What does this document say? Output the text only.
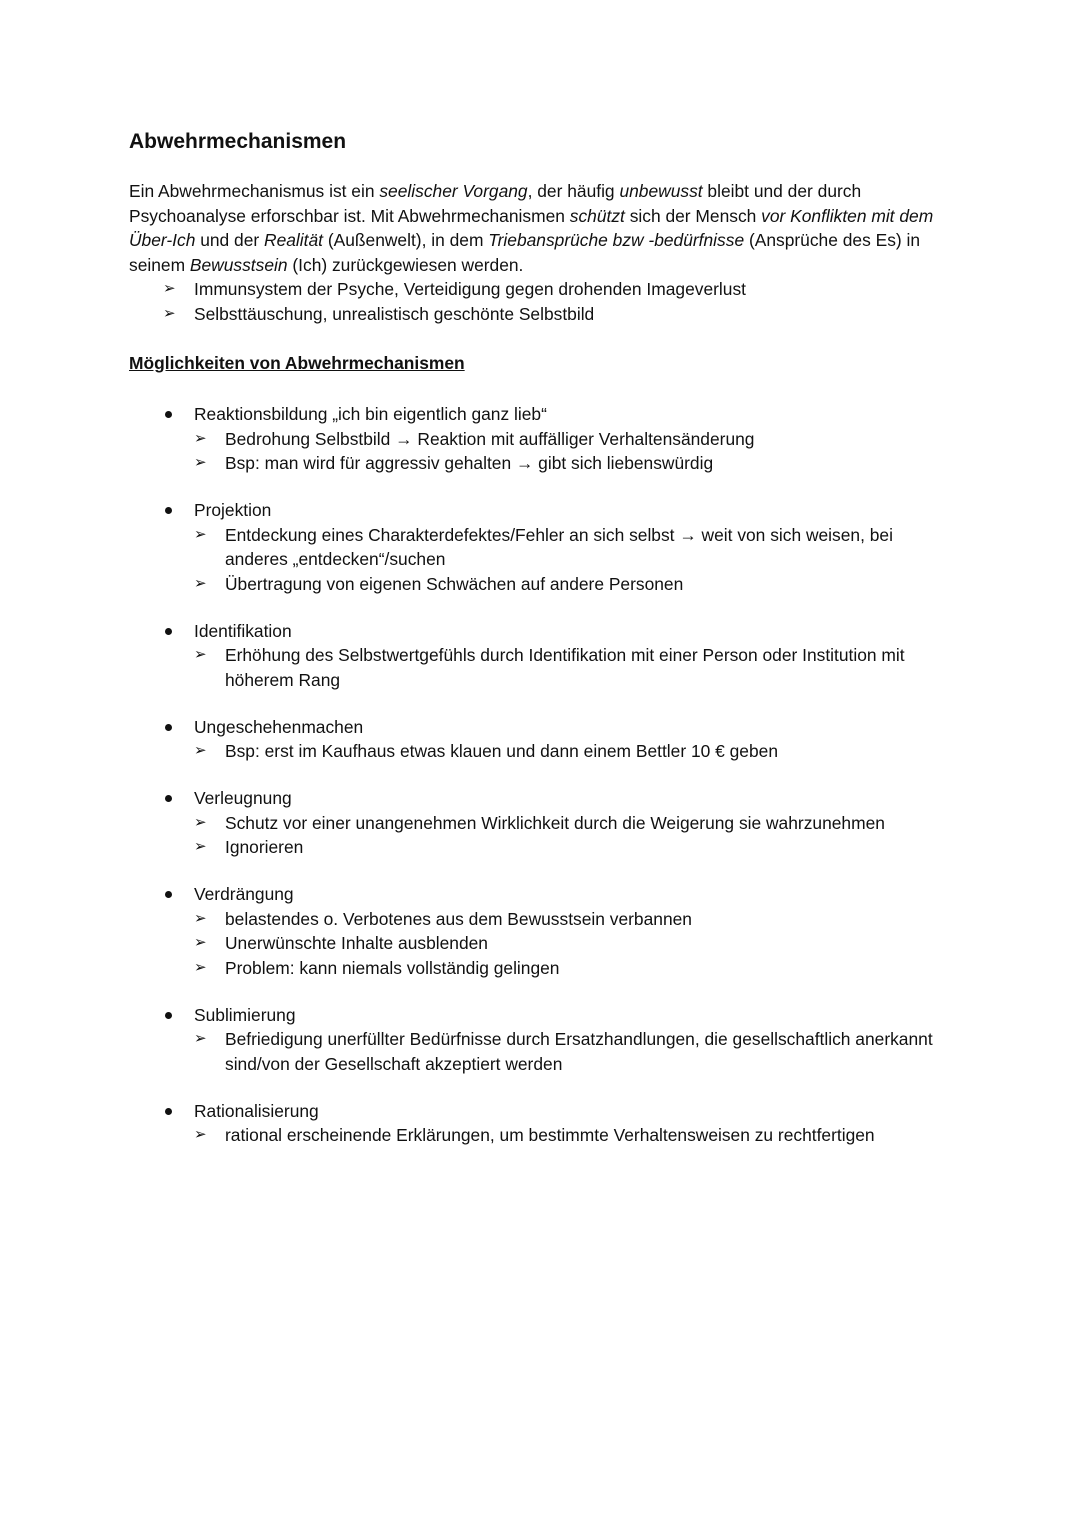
Abwehrmechanismen

Ein Abwehrmechanismus ist ein seelischer Vorgang, der häufig unbewusst bleibt und der durch Psychoanalyse erforschbar ist. Mit Abwehrmechanismen schützt sich der Mensch vor Konflikten mit dem Über-Ich und der Realität (Außenwelt), in dem Triebansprüche bzw -bedürfnisse (Ansprüche des Es) in seinem Bewusstsein (Ich) zurückgewiesen werden.

➢ Immunsystem der Psyche, Verteidigung gegen drohenden Imageverlust
➢ Selbsttäuschung, unrealistisch geschönte Selbstbild
Möglichkeiten von Abwehrmechanismen
Reaktionsbildung „ich bin eigentlich ganz lieb“
➢ Bedrohung Selbstbild → Reaktion mit auffälliger Verhaltensänderung
➢ Bsp: man wird für aggressiv gehalten → gibt sich liebenswürdig
Projektion
➢ Entdeckung eines Charakterdefektes/Fehler an sich selbst → weit von sich weisen, bei anderes „entdecken“/suchen
➢ Übertragung von eigenen Schwächen auf andere Personen
Identifikation
➢ Erhöhung des Selbstwertgefühls durch Identifikation mit einer Person oder Institution mit höherem Rang
Ungeschehenmachen
➢ Bsp: erst im Kaufhaus etwas klauen und dann einem Bettler 10 € geben
Verleugnung
➢ Schutz vor einer unangenehmen Wirklichkeit durch die Weigerung sie wahrzunehmen
➢ Ignorieren
Verdrängung
➢ belastendes o. Verbotenes aus dem Bewusstsein verbannen
➢ Unerwünschte Inhalte ausblenden
➢ Problem: kann niemals vollständig gelingen
Sublimierung
➢ Befriedigung unerfüllter Bedürfnisse durch Ersatzhandlungen, die gesellschaftlich anerkannt sind/von der Gesellschaft akzeptiert werden
Rationalisierung
➢ rational erscheinende Erklärungen, um bestimmte Verhaltensweisen zu rechtfertigen
